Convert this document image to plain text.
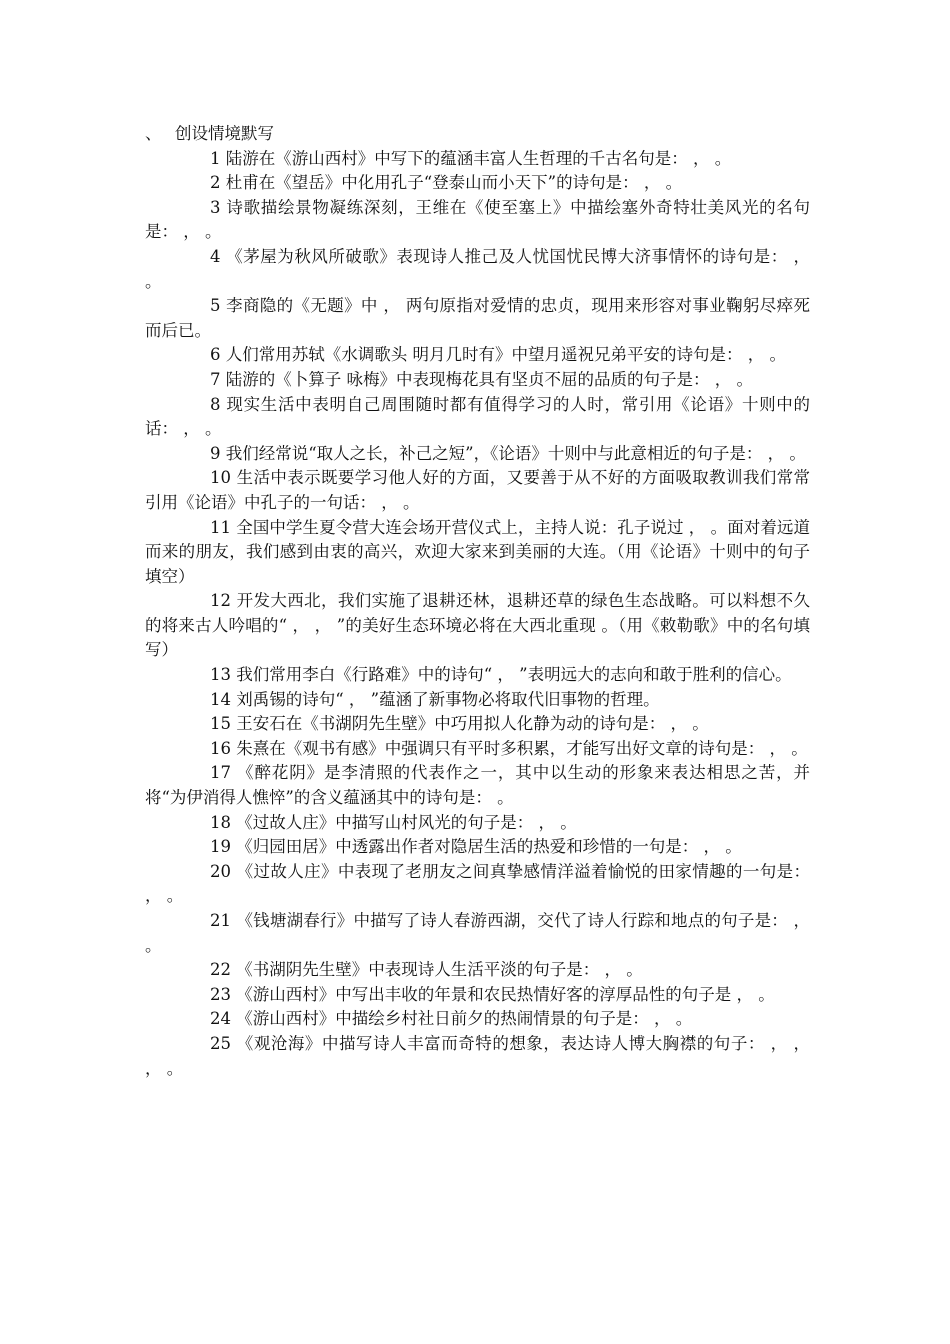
、 创设情境默写

1 陆游在《游山西村》中写下的蕴涵丰富人生哲理的千古名句是： ， 。

2 杜甫在《望岳》中化用孔子“登泰山而小天下”的诗句是： ， 。

3 诗歌描绘景物凝练深刻，王维在《使至塞上》中描绘塞外奇特壮美风光的名句是： ， 。

4 《茅屋为秋风所破歌》表现诗人推己及人忧国忧民博大济事情怀的诗句是： ， 。

5 李商隐的《无题》中 ， 两句原指对爱情的忠贞，现用来形容对事业鞠躬尽瘁死而后已。

6 人们常用苏轼《水调歌头 明月几时有》中望月遥祝兄弟平安的诗句是： ， 。

7 陆游的《卜算子 咏梅》中表现梅花具有坚贞不屈的品质的句子是： ， 。

8 现实生活中表明自己周围随时都有值得学习的人时，常引用《论语》十则中的话： ， 。

9 我们经常说“取人之长，补己之短”，《论语》十则中与此意相近的句子是： ， 。

10 生活中表示既要学习他人好的方面，又要善于从不好的方面吸取教训我们常常引用《论语》中孔子的一句话： ， 。

11 全国中学生夏令营大连会场开营仪式上，主持人说：孔子说过 ， 。面对着远道而来的朋友，我们感到由衷的高兴，欢迎大家来到美丽的大连。（用《论语》十则中的句子填空）

12 开发大西北，我们实施了退耕还林，退耕还草的绿色生态战略。可以料想不久的将来古人吟唱的“ ， ， ”的美好生态环境必将在大西北重现 。（用《敕勒歌》中的名句填写）

13 我们常用李白《行路难》中的诗句“ ， ”表明远大的志向和敢于胜利的信心。

14 刘禹锡的诗句“ ， ”蕴涵了新事物必将取代旧事物的哲理。

15 王安石在《书湖阴先生壁》中巧用拟人化静为动的诗句是： ， 。

16 朱熹在《观书有感》中强调只有平时多积累，才能写出好文章的诗句是： ， 。

17 《醉花阴》是李清照的代表作之一，其中以生动的形象来表达相思之苦，并将“为伊消得人憔悴”的含义蕴涵其中的诗句是： 。

18 《过故人庄》中描写山村风光的句子是： ， 。

19 《归园田居》中透露出作者对隐居生活的热爱和珍惜的一句是： ， 。

20 《过故人庄》中表现了老朋友之间真挚感情洋溢着愉悦的田家情趣的一句是： ， 。

21 《钱塘湖春行》中描写了诗人春游西湖，交代了诗人行踪和地点的句子是： ， 。

22 《书湖阴先生壁》中表现诗人生活平淡的句子是： ， 。

23 《游山西村》中写出丰收的年景和农民热情好客的淳厚品性的句子是 ， 。

24 《游山西村》中描绘乡村社日前夕的热闹情景的句子是： ， 。

25 《观沧海》中描写诗人丰富而奇特的想象，表达诗人博大胸襟的句子： ， ， ， 。
